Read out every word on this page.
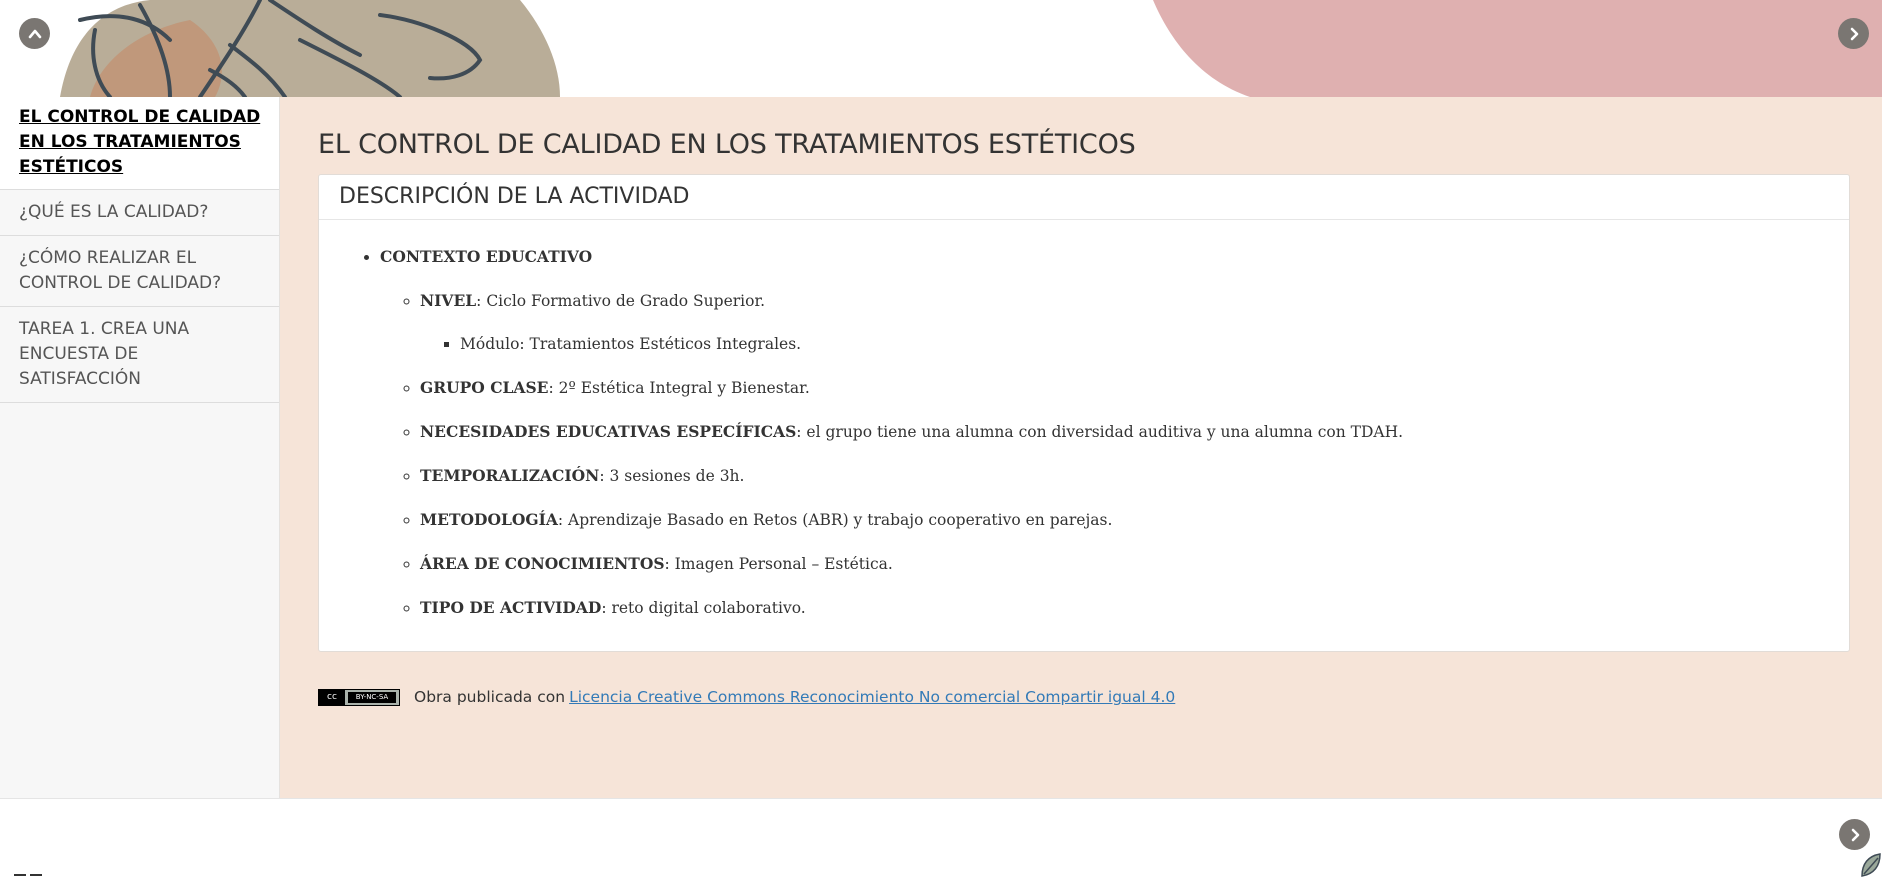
EL CONTROL DE CALIDAD EN LOS TRATAMIENTOS ESTÉTICOS
¿QUÉ ES LA CALIDAD?
¿CÓMO REALIZAR EL CONTROL DE CALIDAD?
TAREA 1. CREA UNA ENCUESTA DE SATISFACCIÓN
EL CONTROL DE CALIDAD EN LOS TRATAMIENTOS ESTÉTICOS
DESCRIPCIÓN DE LA ACTIVIDAD
• CONTEXTO EDUCATIVO
◦ NIVEL: Ciclo Formativo de Grado Superior.
▪ Módulo: Tratamientos Estéticos Integrales.
◦ GRUPO CLASE: 2º Estética Integral y Bienestar.
◦ NECESIDADES EDUCATIVAS ESPECÍFICAS: el grupo tiene una alumna con diversidad auditiva y una alumna con TDAH.
◦ TEMPORALIZACIÓN: 3 sesiones de 3h.
◦ METODOLOGÍA: Aprendizaje Basado en Retos (ABR) y trabajo cooperativo en parejas.
◦ ÁREA DE CONOCIMIENTOS: Imagen Personal – Estética.
◦ TIPO DE ACTIVIDAD: reto digital colaborativo.
cc	BY-NC-SA	Obra publicada con Licencia Creative Commons Reconocimiento No comercial Compartir igual 4.0
